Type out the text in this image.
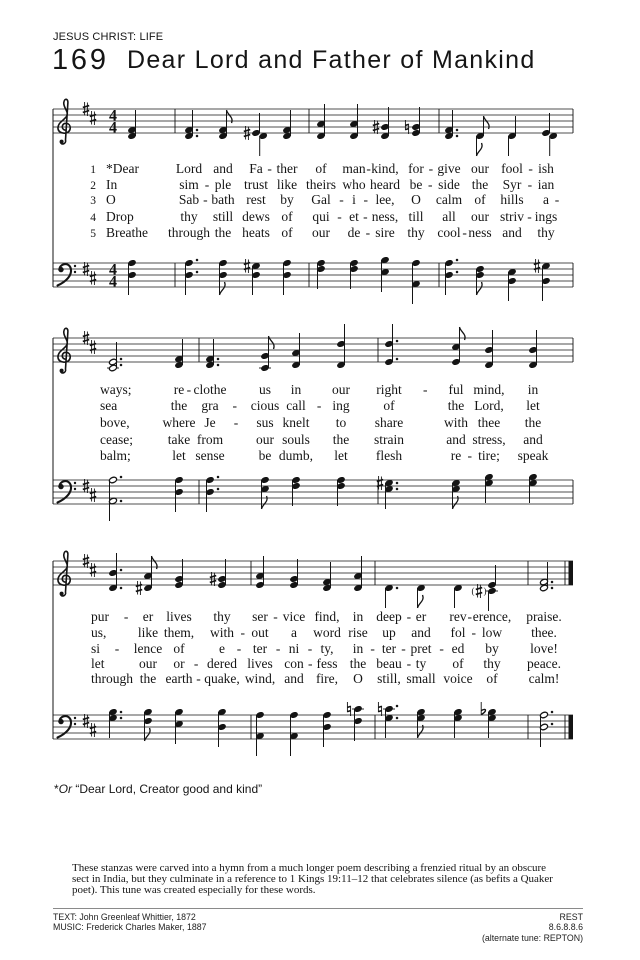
JESUS CHRIST: LIFE
169 Dear Lord and Father of Mankind
4
4
4
4
1 *Dear	Lord and Fa ther of man kind, for give our fool ish
-	-	-	-
2 In	sim ple trust like theirs who heard be side the Syr ian
-	-	-
3 O	Sab bath rest by Gal i lee, O calm of hills a
-	- -	-
4 Drop	thy still dews of qui et ness, till all our striv ings
- -	-
5 Breathe through the heats of our de sire thy cool ness and thy
-	-
ways;	re clothe us in our right	ful mind, in
-	-
sea	the gra cious call ing of	the Lord, let
-	-
bove, where Je	sus knelt to share	with thee the
-
cease;	take from our souls the strain	and stress, and
balm;	let sense	be dumb, let flesh	re tire; speak
-
( )
pur	er lives thy ser vice find, in deep er rev erence, praise.
-	-	-	-
us, like them, with out a word rise up and fol low thee.
-	-
si lence of	e ter ni ty, in ter pret ed by love!
-	-	- -	- - -
let	our or dered lives con fess the beau ty of thy peace.
-	-	-
through the earth quake, wind, and fire, O still, small voice of calm!
-
*Or “Dear Lord, Creator good and kind”
These stanzas were carved into a hymn from a much longer poem describing a frenzied ritual by an obscure
sect in India, but they culminate in a reference to 1 Kings 19:11–12 that celebrates silence (as befits a Quaker
poet). This tune was created especially for these words.
TEXT: John Greenleaf Whittier, 1872
MUSIC: Frederick Charles Maker, 1887
REST
8.6.8.8.6
(alternate tune: REPTON)
